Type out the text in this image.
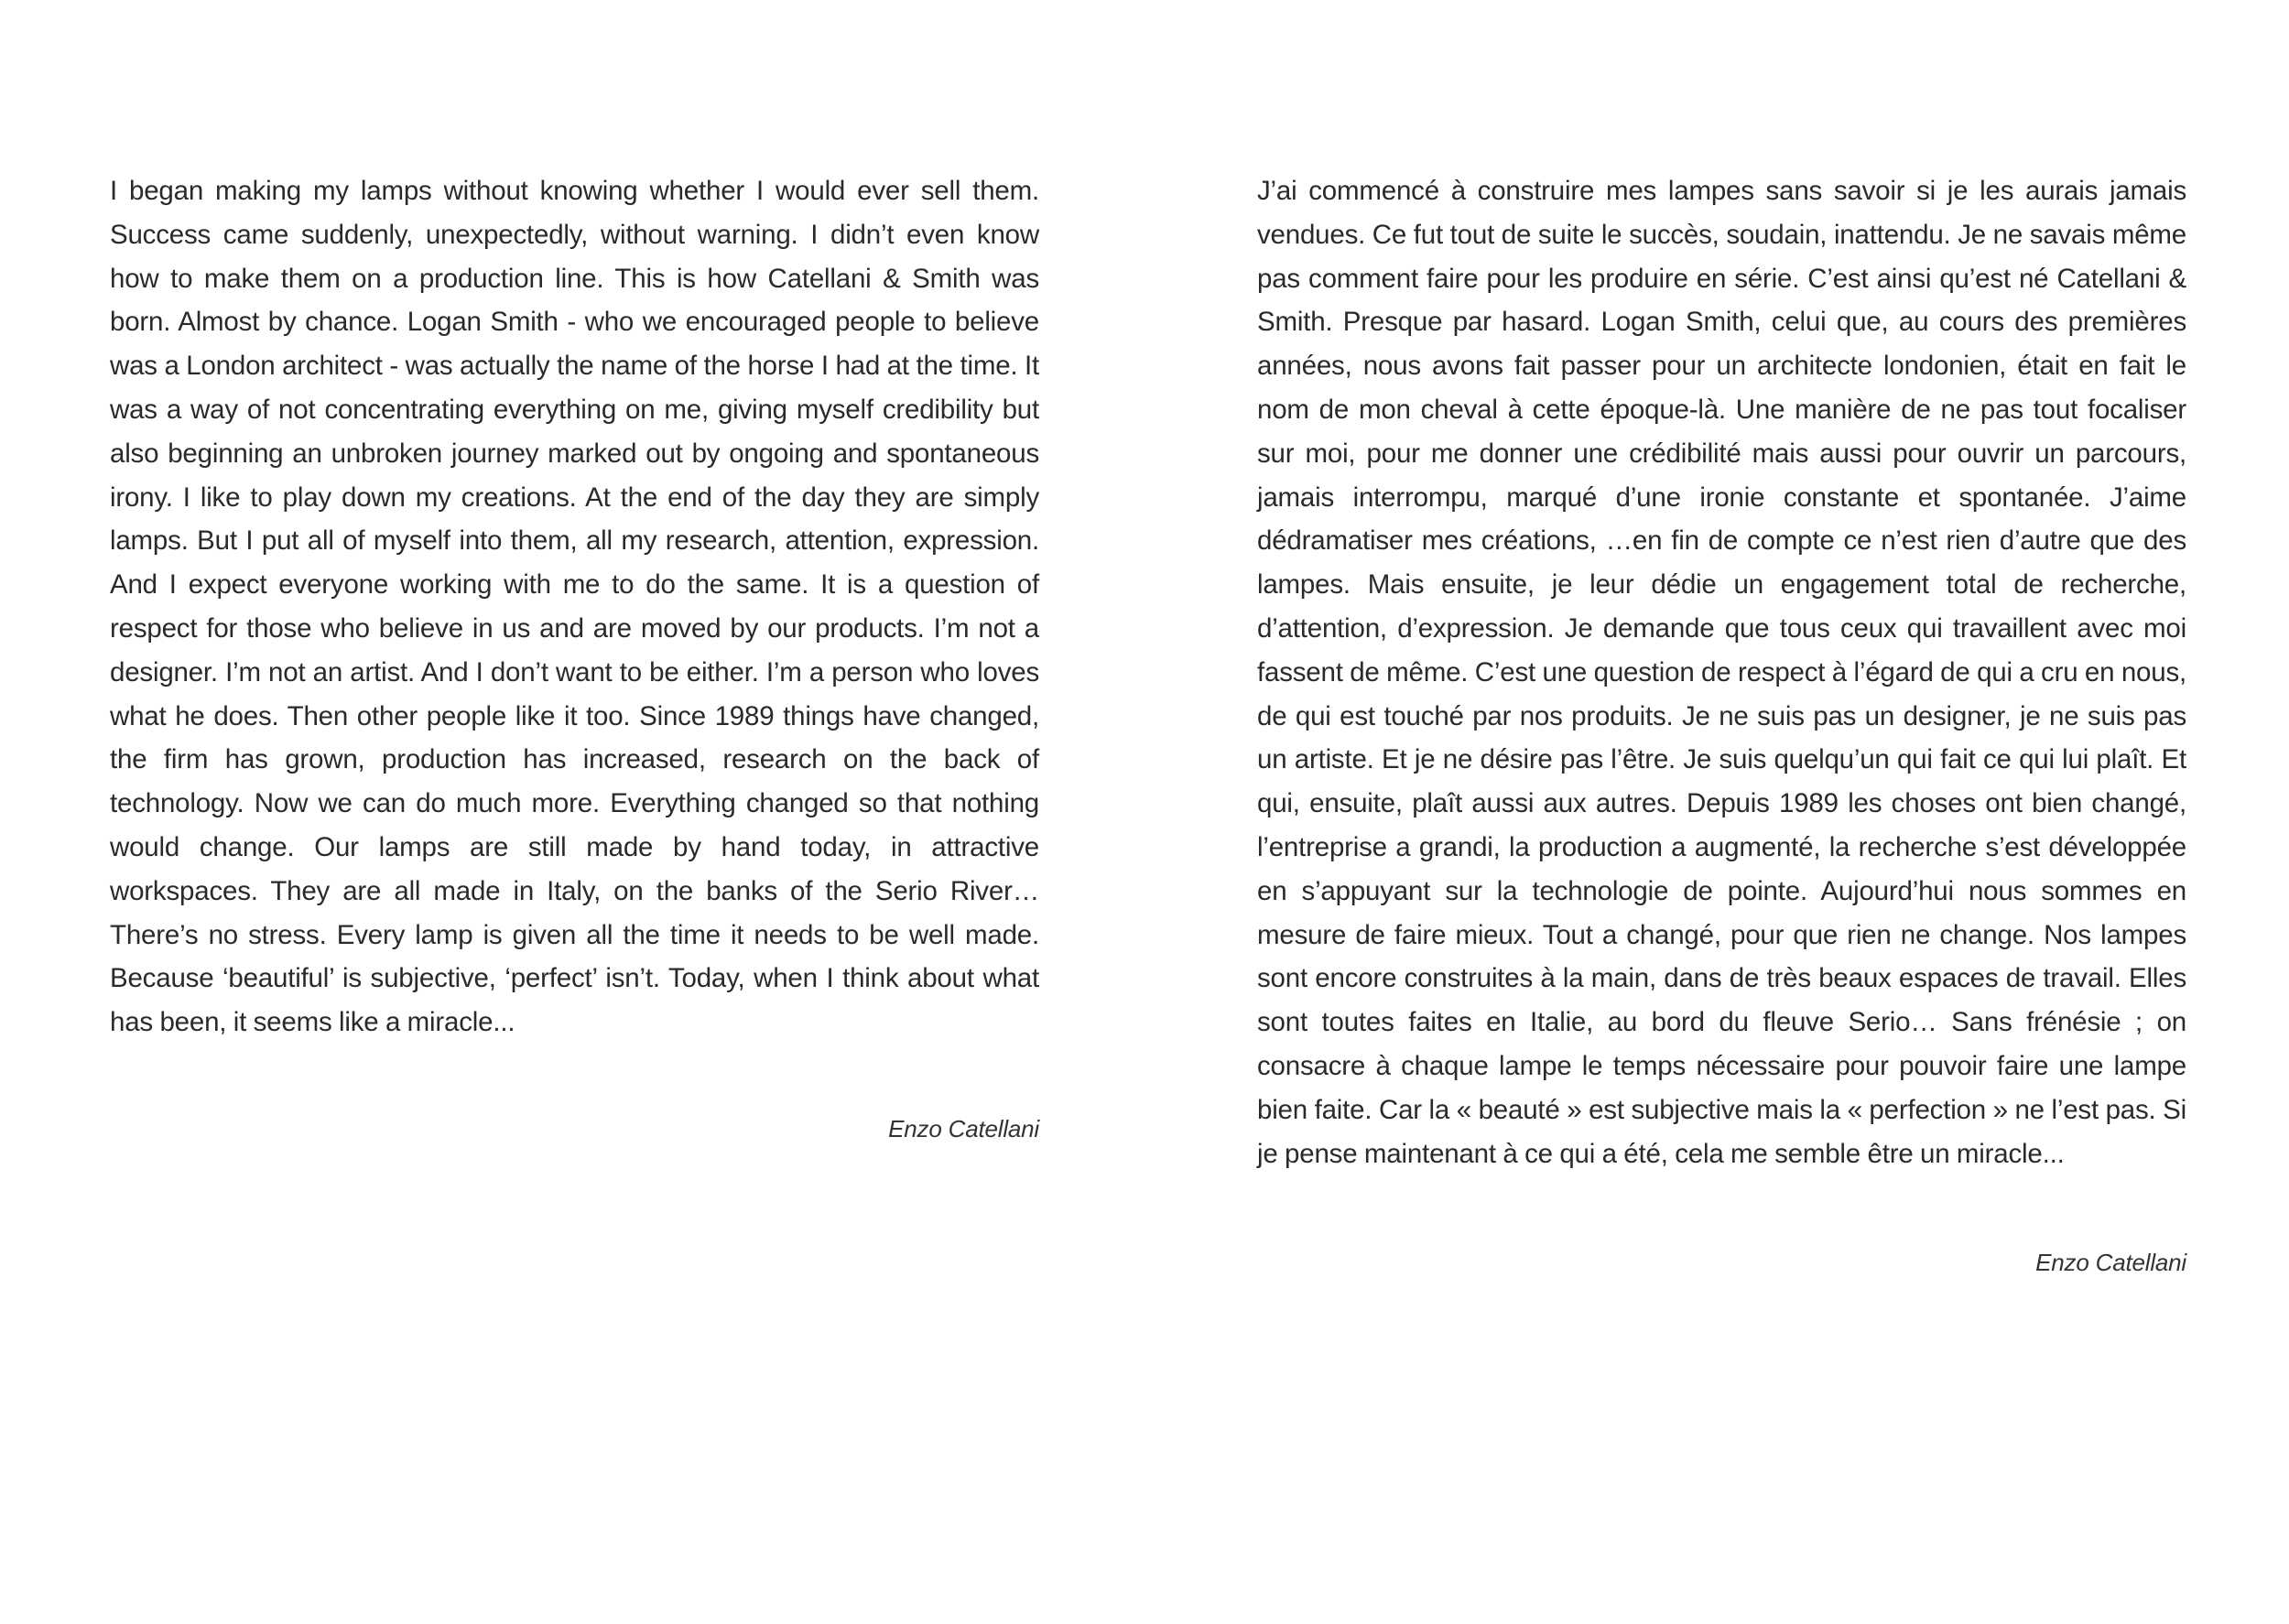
I began making my lamps without knowing whether I would ever sell them. Success came suddenly, unexpectedly, without warning. I didn’t even know how to make them on a production line. This is how Catellani & Smith was born. Almost by chance. Logan Smith - who we encouraged people to believe was a London architect - was actually the name of the horse I had at the time. It was a way of not concentrating everything on me, giving myself credibility but also beginning an unbroken journey marked out by ongoing and spontaneous irony. I like to play down my creations. At the end of the day they are simply lamps. But I put all of myself into them, all my research, attention, expression. And I expect everyone working with me to do the same. It is a question of respect for those who believe in us and are moved by our products. I’m not a designer. I’m not an artist. And I don’t want to be either. I’m a person who loves what he does. Then other people like it too. Since 1989 things have changed, the firm has grown, production has increased, research on the back of technology. Now we can do much more. Everything changed so that nothing would change. Our lamps are still made by hand today, in attractive workspaces. They are all made in Italy, on the banks of the Serio River… There’s no stress. Every lamp is given all the time it needs to be well made. Because ‘beautiful’ is subjective, ‘perfect’ isn’t. Today, when I think about what has been, it seems like a miracle...

Enzo Catellani

J’ai commencé à construire mes lampes sans savoir si je les aurais jamais vendues. Ce fut tout de suite le succès, soudain, inattendu. Je ne savais même pas comment faire pour les produire en série. C’est ainsi qu’est né Catellani & Smith. Presque par hasard. Logan Smith, celui que, au cours des premières années, nous avons fait passer pour un architecte londonien, était en fait le nom de mon cheval à cette époque-là. Une manière de ne pas tout focaliser sur moi, pour me donner une crédibilité mais aussi pour ouvrir un parcours, jamais interrompu, marqué d’une ironie constante et spontanée. J’aime dédramatiser mes créations, …en fin de compte ce n’est rien d’autre que des lampes. Mais ensuite, je leur dédie un engagement total de recherche, d’attention, d’expression. Je demande que tous ceux qui travaillent avec moi fassent de même. C’est une question de respect à l’égard de qui a cru en nous, de qui est touché par nos produits. Je ne suis pas un designer, je ne suis pas un artiste. Et je ne désire pas l’être. Je suis quelqu’un qui fait ce qui lui plaît. Et qui, ensuite, plaît aussi aux autres. Depuis 1989 les choses ont bien changé, l’entreprise a grandi, la production a augmenté, la recherche s’est développée en s’appuyant sur la technologie de pointe. Aujourd’hui nous sommes en mesure de faire mieux. Tout a changé, pour que rien ne change. Nos lampes sont encore construites à la main, dans de très beaux espaces de travail. Elles sont toutes faites en Italie, au bord du fleuve Serio… Sans frénésie ; on consacre à chaque lampe le temps nécessaire pour pouvoir faire une lampe bien faite. Car la « beauté » est subjective mais la « perfection » ne l’est pas. Si je pense maintenant à ce qui a été, cela me semble être un miracle...

Enzo Catellani
